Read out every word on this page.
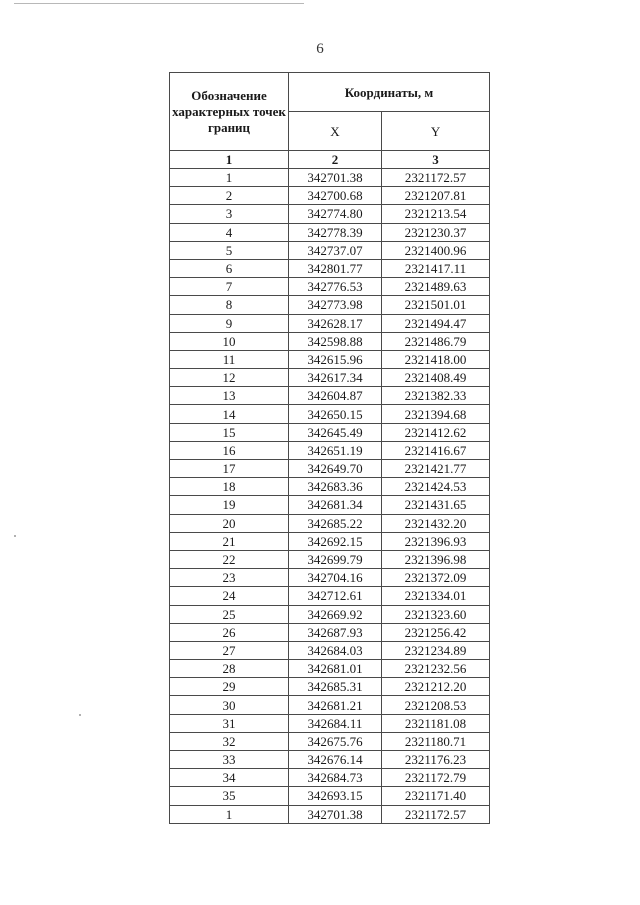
6
Обозначение характерных точек границ	Координаты, м	
	X	Y
1	2	3
1	342701.38	2321172.57
2	342700.68	2321207.81
3	342774.80	2321213.54
4	342778.39	2321230.37
5	342737.07	2321400.96
6	342801.77	2321417.11
7	342776.53	2321489.63
8	342773.98	2321501.01
9	342628.17	2321494.47
10	342598.88	2321486.79
11	342615.96	2321418.00
12	342617.34	2321408.49
13	342604.87	2321382.33
14	342650.15	2321394.68
15	342645.49	2321412.62
16	342651.19	2321416.67
17	342649.70	2321421.77
18	342683.36	2321424.53
19	342681.34	2321431.65
20	342685.22	2321432.20
21	342692.15	2321396.93
22	342699.79	2321396.98
23	342704.16	2321372.09
24	342712.61	2321334.01
25	342669.92	2321323.60
26	342687.93	2321256.42
27	342684.03	2321234.89
28	342681.01	2321232.56
29	342685.31	2321212.20
30	342681.21	2321208.53
31	342684.11	2321181.08
32	342675.76	2321180.71
33	342676.14	2321176.23
34	342684.73	2321172.79
35	342693.15	2321171.40
1	342701.38	2321172.57
